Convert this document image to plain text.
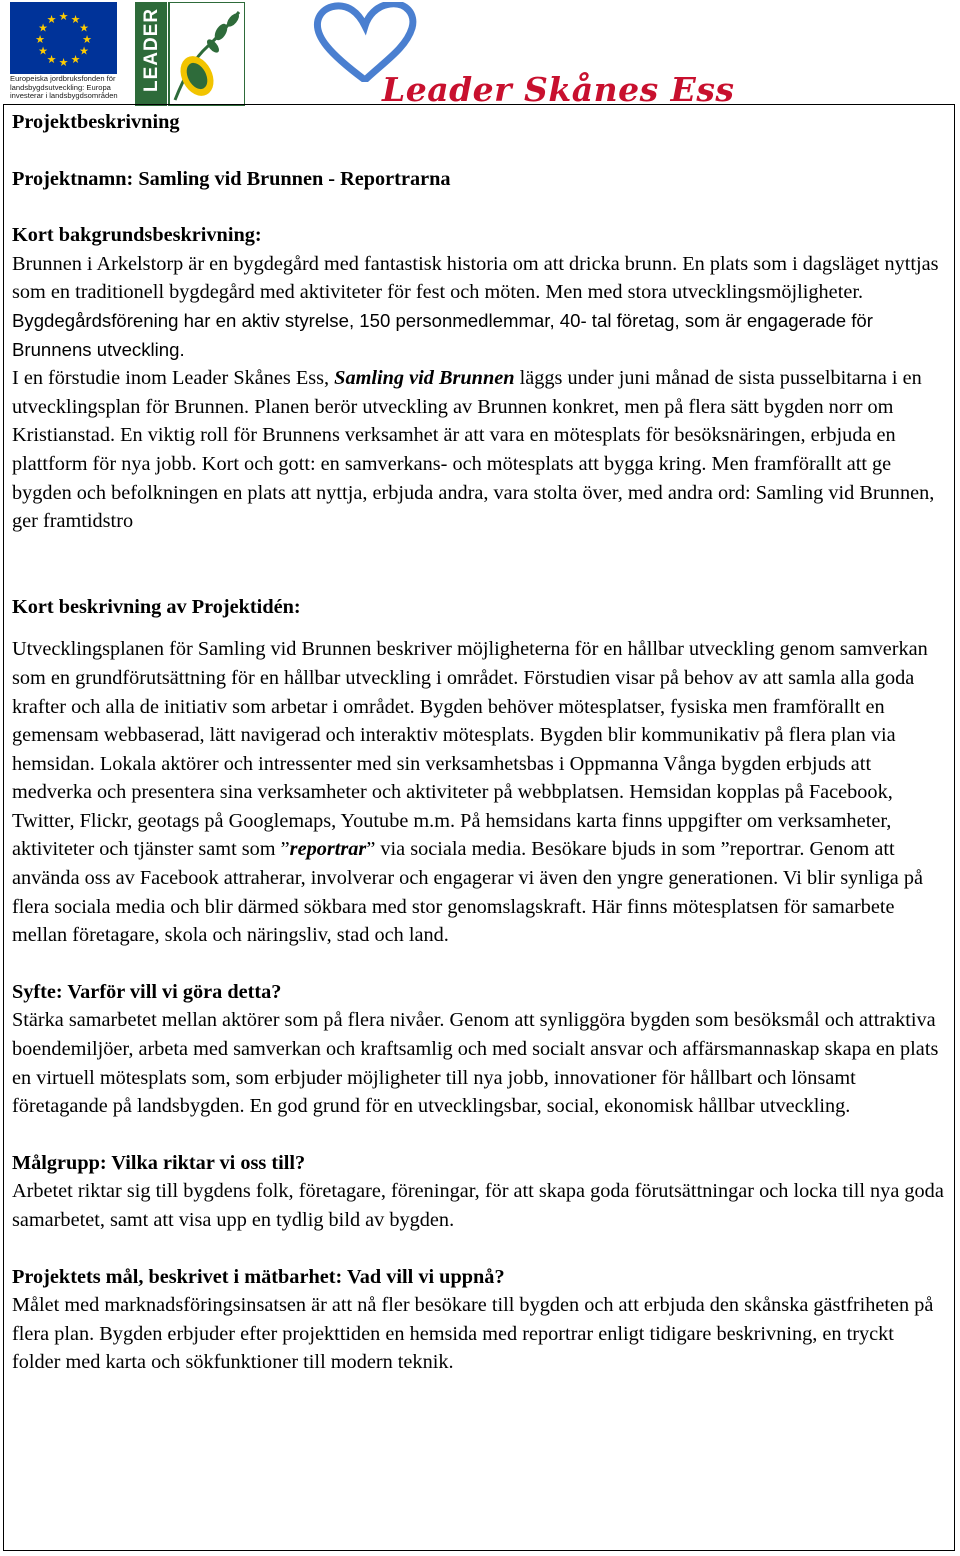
★ ★
★
★
★
★
★
★
★
★
★
★
Europeiska jordbruksfonden för
landsbygdsutveckling: Europa
investerar i landsbygdsområden
LEADER	Leader Skånes Ess

Projektbeskrivning

Projektnamn: Samling vid Brunnen - Reportrarna

Kort bakgrundsbeskrivning:

Brunnen i Arkelstorp är en bygdegård med fantastisk historia om att dricka brunn. En plats som i dagsläget nyttjas som en traditionell bygdegård med aktiviteter för fest och möten. Men med stora utvecklingsmöjligheter.

Bygdegårdsförening har en aktiv styrelse, 150 personmedlemmar, 40- tal företag, som är engagerade för Brunnens utveckling.

I en förstudie inom Leader Skånes Ess, Samling vid Brunnen läggs under juni månad de sista pusselbitarna i en utvecklingsplan för Brunnen. Planen berör utveckling av Brunnen konkret, men på flera sätt bygden norr om Kristianstad. En viktig roll för Brunnens verksamhet är att vara en mötesplats för besöksnäringen, erbjuda en plattform för nya jobb. Kort och gott: en samverkans- och mötesplats att bygga kring. Men framförallt att ge bygden och befolkningen en plats att nyttja, erbjuda andra, vara stolta över, med andra ord: Samling vid Brunnen, ger framtidstro

Kort beskrivning av Projektidén:

Utvecklingsplanen för Samling vid Brunnen beskriver möjligheterna för en hållbar utveckling genom samverkan som en grundförutsättning för en hållbar utveckling i området. Förstudien visar på behov av att samla alla goda krafter och alla de initiativ som arbetar i området. Bygden behöver mötesplatser, fysiska men framförallt en gemensam webbaserad, lätt navigerad och interaktiv mötesplats. Bygden blir kommunikativ på flera plan via hemsidan. Lokala aktörer och intressenter med sin verksamhetsbas i Oppmanna Vånga bygden erbjuds att medverka och presentera sina verksamheter och aktiviteter på webbplatsen. Hemsidan kopplas på Facebook, Twitter, Flickr, geotags på Googlemaps, Youtube m.m. På hemsidans karta finns uppgifter om verksamheter, aktiviteter och tjänster samt som ”reportrar” via sociala media. Besökare bjuds in som ”reportrar. Genom att använda oss av Facebook attraherar, involverar och engagerar vi även den yngre generationen. Vi blir synliga på flera sociala media och blir därmed sökbara med stor genomslagskraft. Här finns mötesplatsen för samarbete mellan företagare, skola och näringsliv, stad och land.

Syfte: Varför vill vi göra detta?

Stärka samarbetet mellan aktörer som på flera nivåer. Genom att synliggöra bygden som besöksmål och attraktiva boendemiljöer, arbeta med samverkan och kraftsamlig och med socialt ansvar och affärsmannaskap skapa en plats en virtuell mötesplats som, som erbjuder möjligheter till nya jobb, innovationer för hållbart och lönsamt företagande på landsbygden. En god grund för en utvecklingsbar, social, ekonomisk hållbar utveckling.

Målgrupp: Vilka riktar vi oss till?

Arbetet riktar sig till bygdens folk, företagare, föreningar, för att skapa goda förutsättningar och locka till nya goda samarbetet, samt att visa upp en tydlig bild av bygden.

Projektets mål, beskrivet i mätbarhet: Vad vill vi uppnå?

Målet med marknadsföringsinsatsen är att nå fler besökare till bygden och att erbjuda den skånska gästfriheten på flera plan. Bygden erbjuder efter projekttiden en hemsida med reportrar enligt tidigare beskrivning, en tryckt folder med karta och sökfunktioner till modern teknik.
